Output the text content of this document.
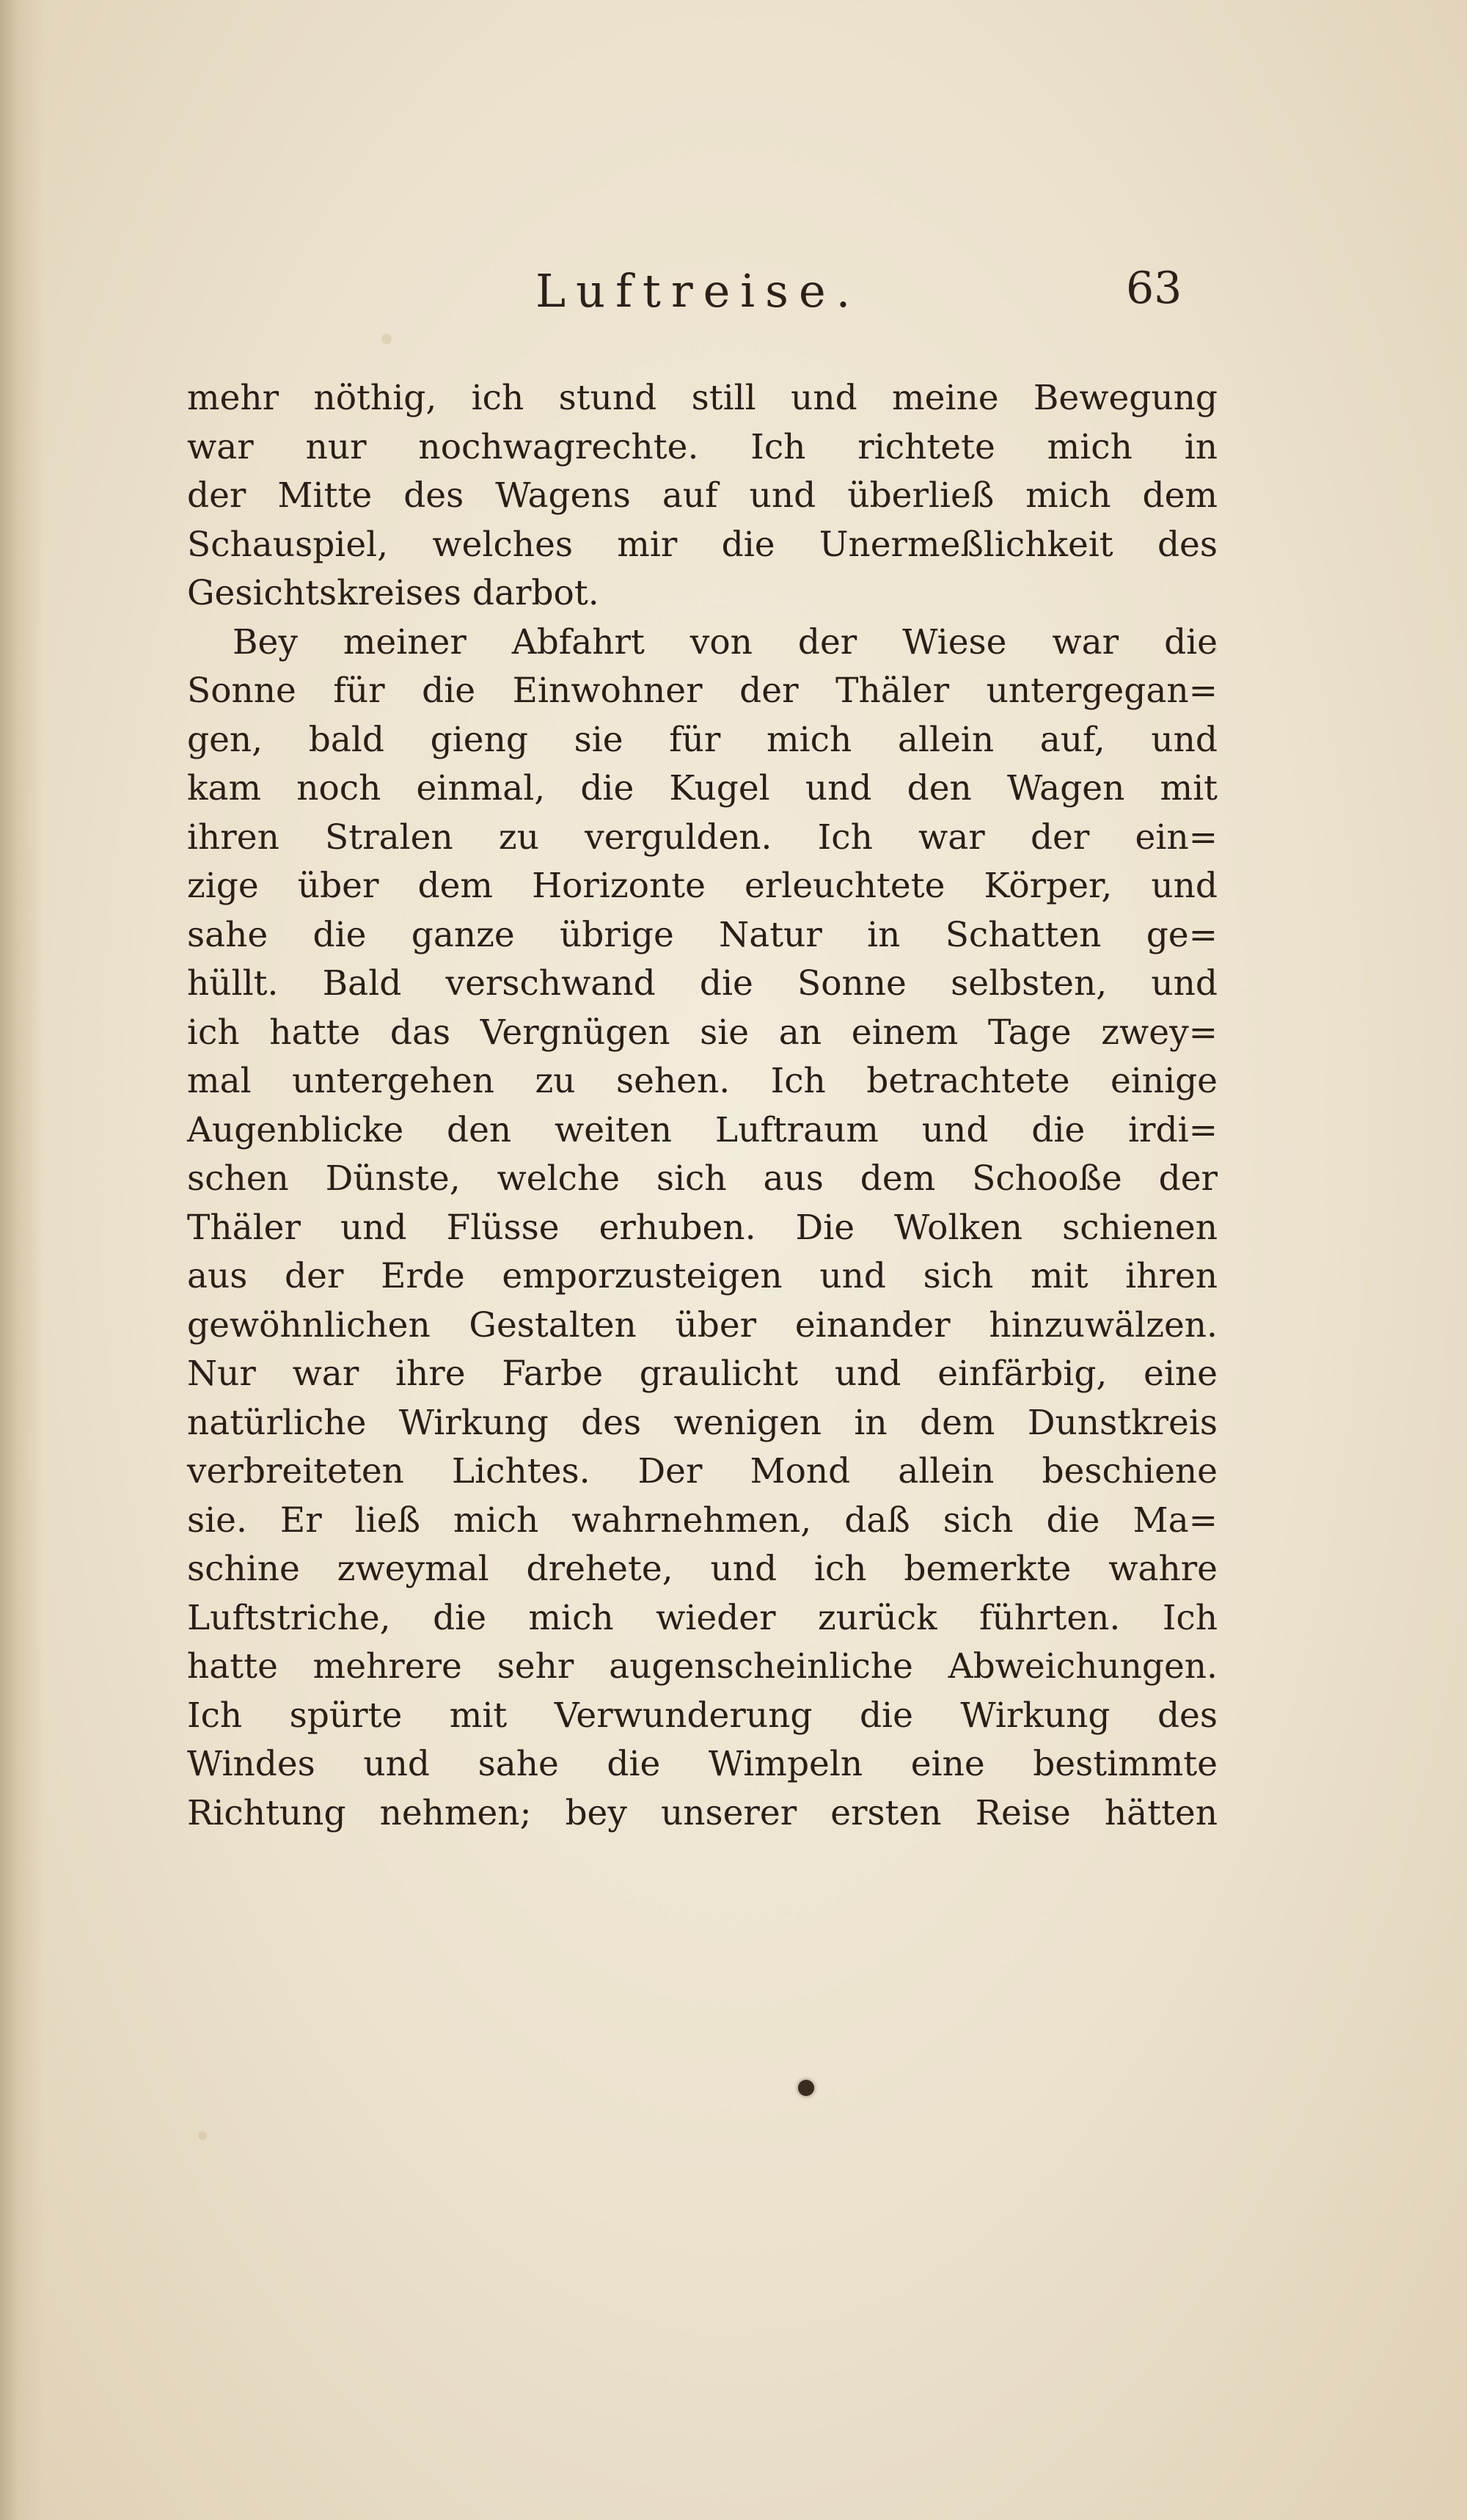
Luftreise.	63
mehr nöthig, ich stund still und meine Bewegung
war nur nochwagrechte. Ich richtete mich in
der Mitte des Wagens auf und überließ mich dem
Schauspiel, welches mir die Unermeßlichkeit des
Gesichtskreises darbot.
Bey meiner Abfahrt von der Wiese war die
Sonne für die Einwohner der Thäler untergegan=
gen, bald gieng sie für mich allein auf, und
kam noch einmal, die Kugel und den Wagen mit
ihren Stralen zu vergulden. Ich war der ein=
zige über dem Horizonte erleuchtete Körper, und
sahe die ganze übrige Natur in Schatten ge=
hüllt. Bald verschwand die Sonne selbsten, und
ich hatte das Vergnügen sie an einem Tage zwey=
mal untergehen zu sehen. Ich betrachtete einige
Augenblicke den weiten Luftraum und die irdi=
schen Dünste, welche sich aus dem Schooße der
Thäler und Flüsse erhuben. Die Wolken schienen
aus der Erde emporzusteigen und sich mit ihren
gewöhnlichen Gestalten über einander hinzuwälzen.
Nur war ihre Farbe graulicht und einfärbig, eine
natürliche Wirkung des wenigen in dem Dunstkreis
verbreiteten Lichtes. Der Mond allein beschiene
sie. Er ließ mich wahrnehmen, daß sich die Ma=
schine zweymal drehete, und ich bemerkte wahre
Luftstriche, die mich wieder zurück führten. Ich
hatte mehrere sehr augenscheinliche Abweichungen.
Ich spürte mit Verwunderung die Wirkung des
Windes und sahe die Wimpeln eine bestimmte
Richtung nehmen; bey unserer ersten Reise hätten
